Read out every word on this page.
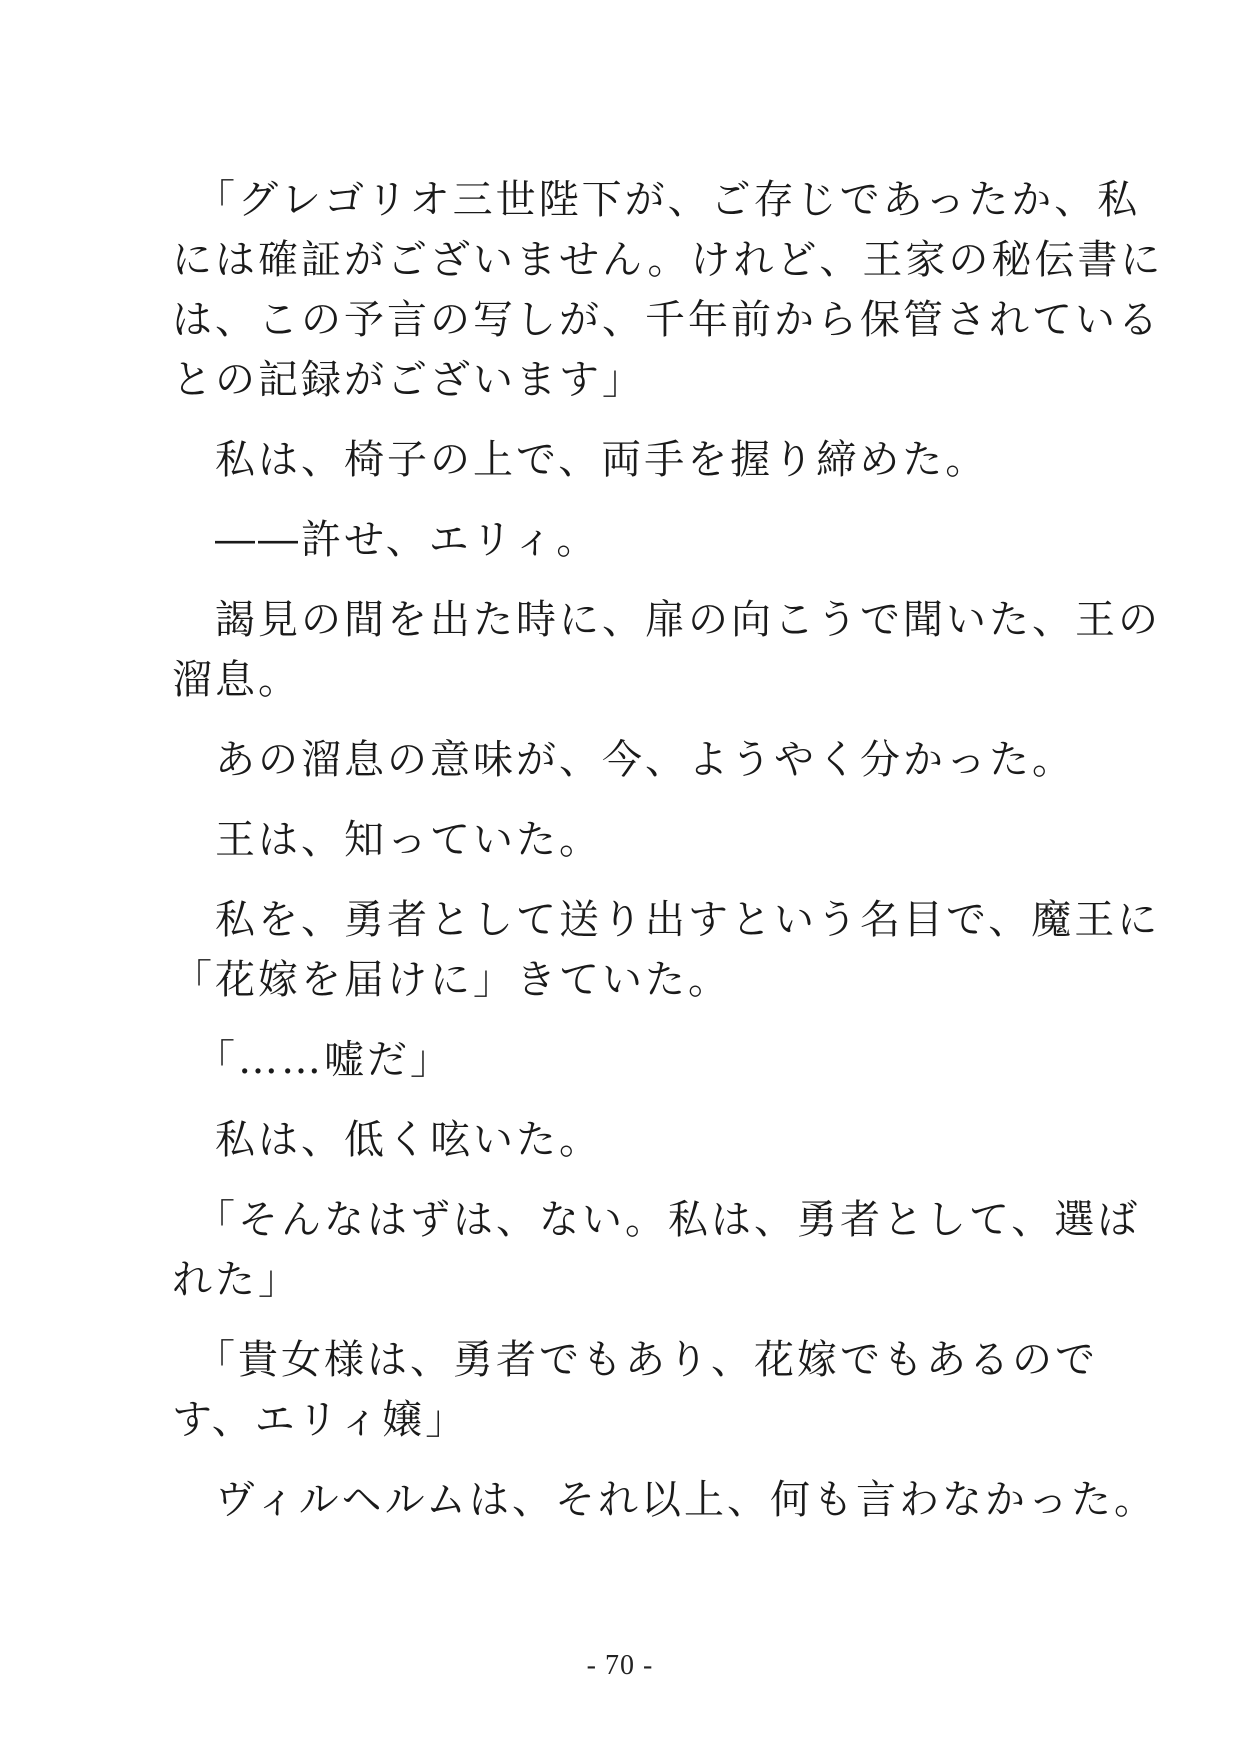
　「グレゴリオ三世陛下が、ご存じであったか、私
には確証がございません。けれど、王家の秘伝書に
は、この予言の写しが、千年前から保管されている
との記録がございます」
　私は、椅子の上で、両手を握り締めた。
　――許せ、エリィ。
　謁見の間を出た時に、扉の向こうで聞いた、王の
溜息。
　あの溜息の意味が、今、ようやく分かった。
　王は、知っていた。
　私を、勇者として送り出すという名目で、魔王に
「花嫁を届けに」きていた。
　「……嘘だ」
　私は、低く呟いた。
　「そんなはずは、ない。私は、勇者として、選ば
れた」
　「貴女様は、勇者でもあり、花嫁でもあるので
す、エリィ嬢」
　ヴィルヘルムは、それ以上、何も言わなかった。
- 70 -
